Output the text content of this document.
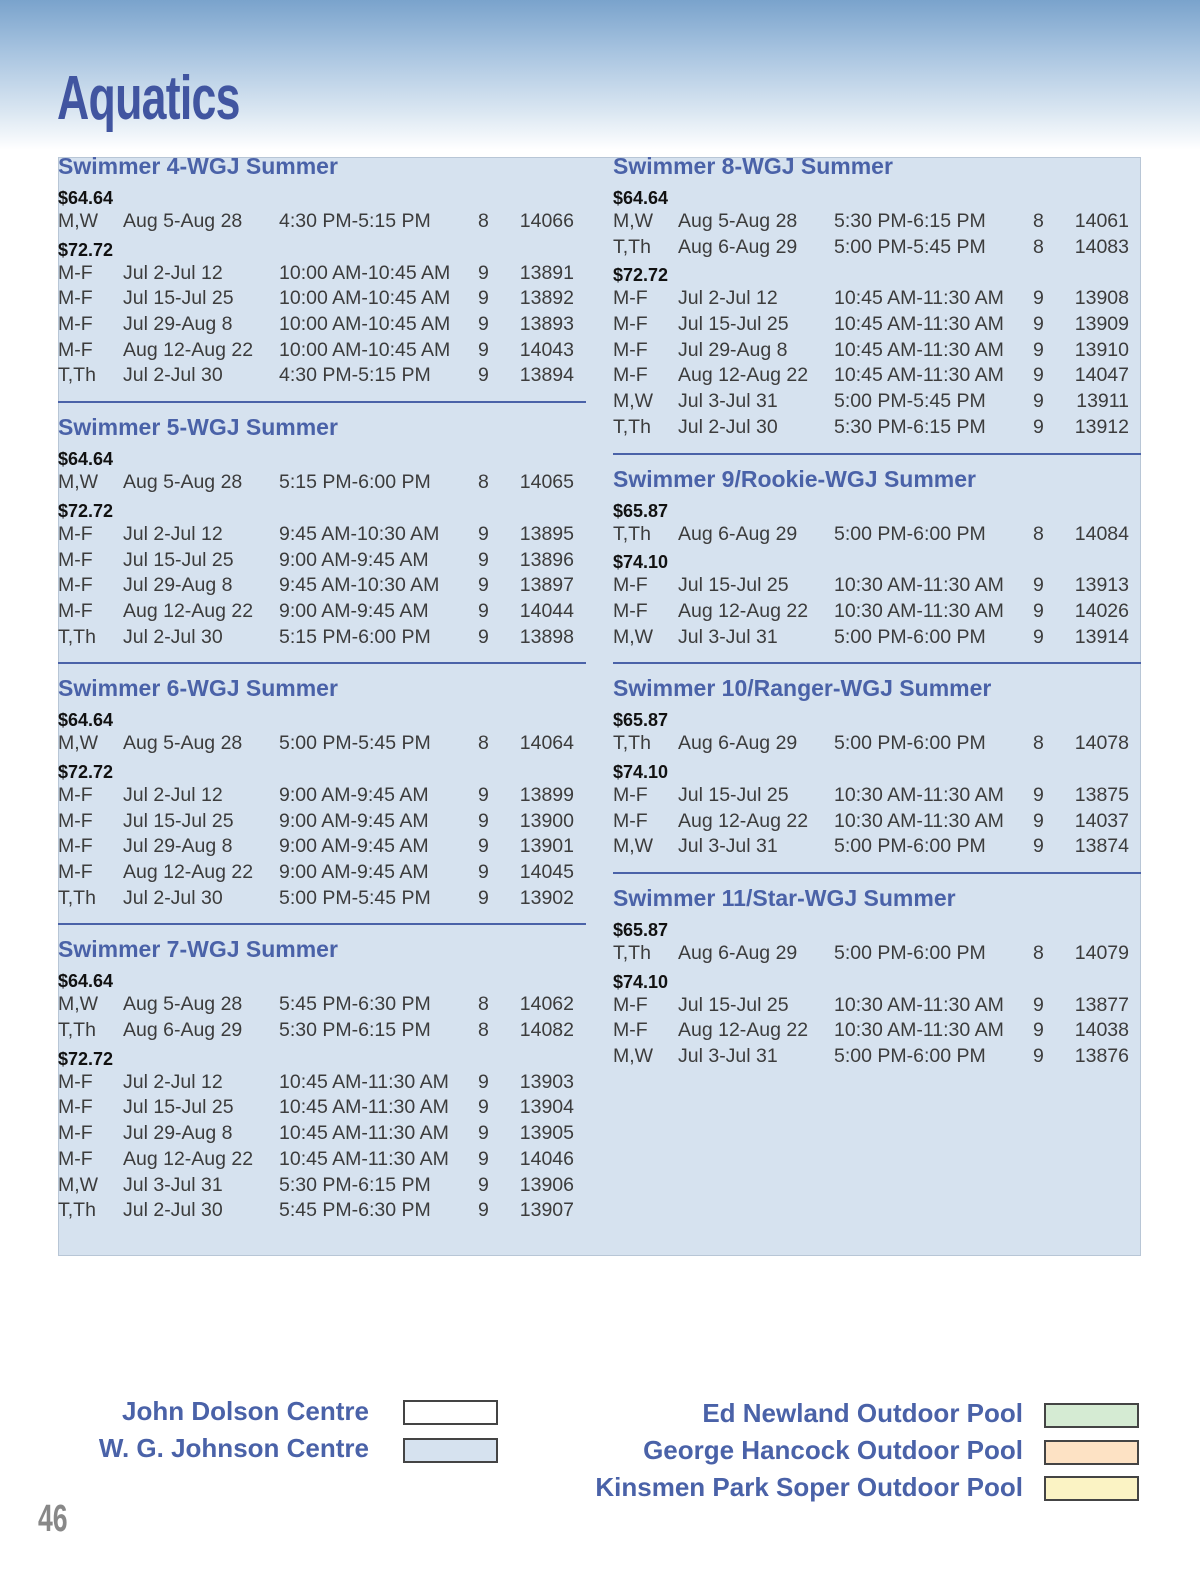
Aquatics
Swimmer 4-WGJ Summer
$64.64
M,W Aug 5-Aug 28 4:30 PM-5:15 PM 8 14066
$72.72
M-F Jul 2-Jul 12	10:00 AM-10:45 AM 9 13891
M-F Jul 15-Jul 25 10:00 AM-10:45 AM 9 13892
M-F Jul 29-Aug 8 10:00 AM-10:45 AM 9 13893
M-F Aug 12-Aug 22 10:00 AM-10:45 AM 9 14043
T,Th Jul 2-Jul 30	4:30 PM-5:15 PM 9 13894
Swimmer 5-WGJ Summer
$64.64
M,W Aug 5-Aug 28 5:15 PM-6:00 PM 8 14065
$72.72
M-F Jul 2-Jul 12	9:45 AM-10:30 AM 9 13895
M-F Jul 15-Jul 25 9:00 AM-9:45 AM	9 13896
M-F Jul 29-Aug 8 9:45 AM-10:30 AM 9 13897
M-F Aug 12-Aug 22 9:00 AM-9:45 AM	9 14044
T,Th Jul 2-Jul 30	5:15 PM-6:00 PM 9 13898
Swimmer 6-WGJ Summer
$64.64
M,W Aug 5-Aug 28 5:00 PM-5:45 PM 8 14064
$72.72
M-F Jul 2-Jul 12	9:00 AM-9:45 AM	9 13899
M-F Jul 15-Jul 25 9:00 AM-9:45 AM	9 13900
M-F Jul 29-Aug 8 9:00 AM-9:45 AM	9 13901
M-F Aug 12-Aug 22 9:00 AM-9:45 AM	9 14045
T,Th Jul 2-Jul 30	5:00 PM-5:45 PM 9 13902
Swimmer 7-WGJ Summer
$64.64
M,W Aug 5-Aug 28 5:45 PM-6:30 PM 8 14062
T,Th Aug 6-Aug 29 5:30 PM-6:15 PM 8 14082
$72.72
M-F Jul 2-Jul 12	10:45 AM-11:30 AM 9 13903
M-F Jul 15-Jul 25 10:45 AM-11:30 AM 9 13904
M-F Jul 29-Aug 8 10:45 AM-11:30 AM 9 13905
M-F Aug 12-Aug 22 10:45 AM-11:30 AM 9 14046
M,W Jul 3-Jul 31	5:30 PM-6:15 PM 9 13906
T,Th Jul 2-Jul 30	5:45 PM-6:30 PM 9 13907
Swimmer 8-WGJ Summer
$64.64
M,W Aug 5-Aug 28 5:30 PM-6:15 PM 8 14061
T,Th Aug 6-Aug 29 5:00 PM-5:45 PM 8 14083
$72.72
M-F Jul 2-Jul 12	10:45 AM-11:30 AM 9 13908
M-F Jul 15-Jul 25 10:45 AM-11:30 AM 9 13909
M-F Jul 29-Aug 8 10:45 AM-11:30 AM 9 13910
M-F Aug 12-Aug 22 10:45 AM-11:30 AM 9 14047
M,W Jul 3-Jul 31	5:00 PM-5:45 PM 9 13911
T,Th Jul 2-Jul 30	5:30 PM-6:15 PM 9 13912
Swimmer 9/Rookie-WGJ Summer
$65.87
T,Th Aug 6-Aug 29 5:00 PM-6:00 PM 8 14084
$74.10
M-F Jul 15-Jul 25 10:30 AM-11:30 AM 9 13913
M-F Aug 12-Aug 22 10:30 AM-11:30 AM 9 14026
M,W Jul 3-Jul 31	5:00 PM-6:00 PM 9 13914
Swimmer 10/Ranger-WGJ Summer
$65.87
T,Th Aug 6-Aug 29 5:00 PM-6:00 PM 8 14078
$74.10
M-F Jul 15-Jul 25 10:30 AM-11:30 AM 9 13875
M-F Aug 12-Aug 22 10:30 AM-11:30 AM 9 14037
M,W Jul 3-Jul 31	5:00 PM-6:00 PM 9 13874
Swimmer 11/Star-WGJ Summer
$65.87
T,Th Aug 6-Aug 29 5:00 PM-6:00 PM 8 14079
$74.10
M-F Jul 15-Jul 25 10:30 AM-11:30 AM 9 13877
M-F Aug 12-Aug 22 10:30 AM-11:30 AM 9 14038
M,W Jul 3-Jul 31	5:00 PM-6:00 PM 9 13876
John Dolson Centre
W. G. Johnson Centre
Ed Newland Outdoor Pool
George Hancock Outdoor Pool
Kinsmen Park Soper Outdoor Pool
46
